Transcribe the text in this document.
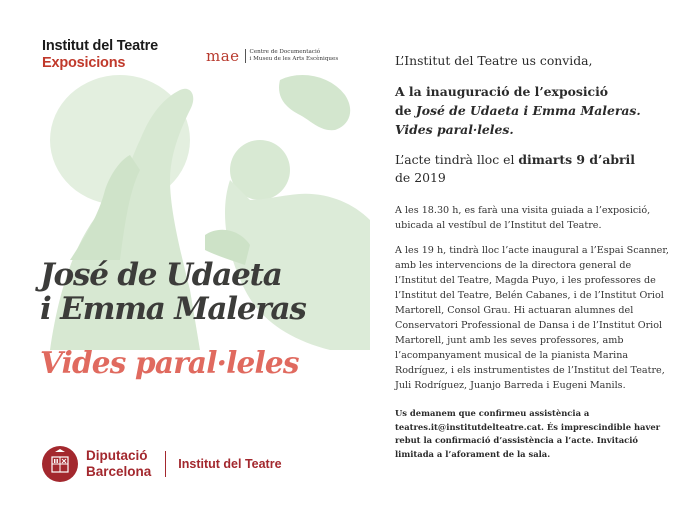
Institut del Teatre
Exposicions	mae Centre de Documentació
i Museu de les Arts Escèniques
José de Udaeta
i Emma Maleras
Vides paral·leles
Diputació
Barcelona Institut del Teatre

L’Institut del Teatre us convida,

A la inauguració de l’exposició
de José de Udaeta i Emma Maleras.
Vides paral·leles.

L’acte tindrà lloc el dimarts 9 d’abril
de 2019

A les 18.30 h, es farà una visita guiada a l’exposició, ubicada al vestíbul de l’Institut del Teatre.

A les 19 h, tindrà lloc l’acte inaugural a l’Espai Scanner, amb les intervencions de la directora general de l’Institut del Teatre, Magda Puyo, i les professores de l’Institut del Teatre, Belén Cabanes, i de l’Institut Oriol Martorell, Consol Grau. Hi actuaran alumnes del Conservatori Professional de Dansa i de l’Institut Oriol Martorell, junt amb les seves professores, amb l’acompanyament musical de la pianista Marina Rodríguez, i els instrumentistes de l’Institut del Teatre, Juli Rodríguez, Juanjo Barreda i Eugeni Manils.

Us demanem que confirmeu assistència a teatres.it@institutdelteatre.cat. És imprescindible haver rebut la confirmació d’assistència a l’acte. Invitació limitada a l’aforament de la sala.
